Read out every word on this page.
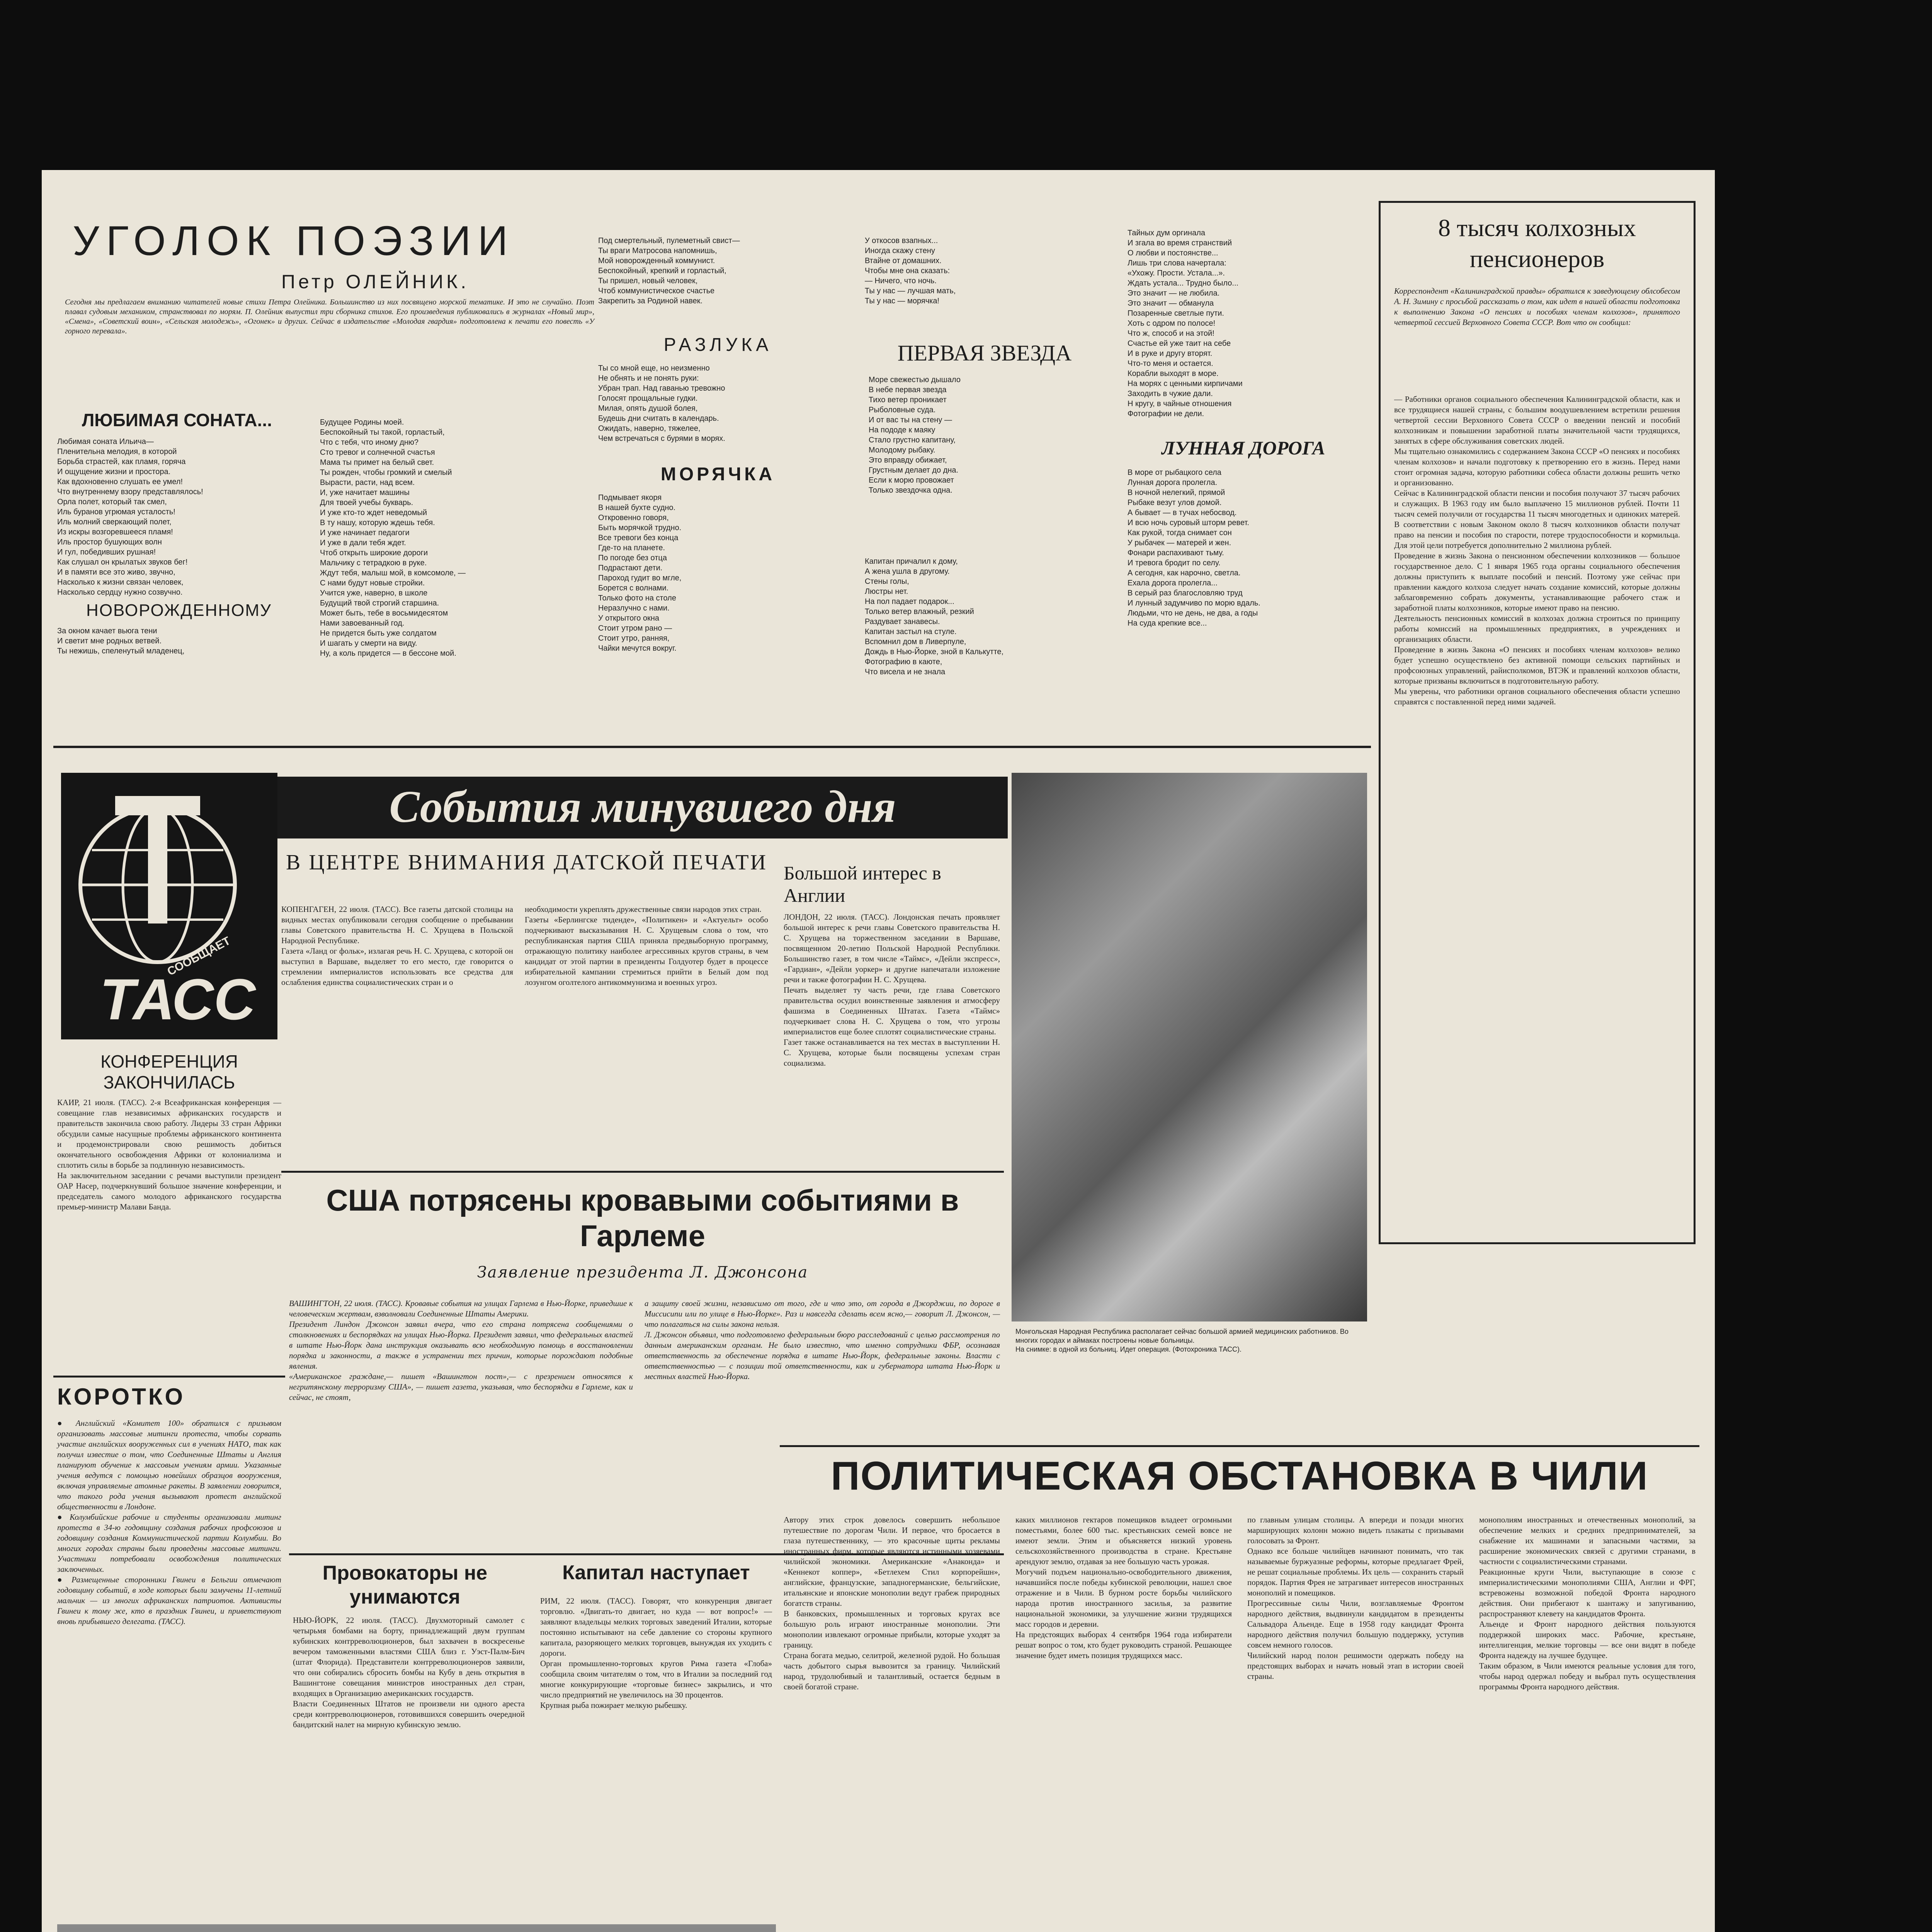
УГОЛОК ПОЭЗИИ
Петр ОЛЕЙНИК.
Сегодня мы предлагаем вниманию читателей новые стихи Петра Олейника. Большинство из них посвящено морской тематике. И это не случайно. Поэт плавал судовым механиком, странствовал по морям. П. Олейник выпустил три сборника стихов. Его произведения публиковались в журналах «Новый мир», «Смена», «Советский воин», «Сельская молодежь», «Огонек» и других. Сейчас в издательстве «Молодая гвардия» подготовлена к печати его повесть «У горного перевала».
ЛЮБИМАЯ СОНАТА...
Любимая соната Ильича—
Пленительна мелодия, в которой
Борьба страстей, как пламя, горяча
И ощущение жизни и простора.
Как вдохновенно слушать ее умел!
Что внутреннему взору представлялось!
Орла полет, который так смел,
Иль буранов угрюмая усталость!
Иль молний сверкающий полет,
Из искры возгоревшееся пламя!
Иль простор бушующих волн
И гул, победивших рушная!
Как слушал он крылатых звуков бег!
И в памяти все это живо, звучно,
Насколько к жизни связан человек,
Насколько сердцу нужно созвучно.
НОВОРОЖДЕННОМУ
За окном качает вьюга тени
И светит мне родных ветвей.
Ты нежишь, спеленутый младенец,
Будущее Родины моей.
Беспокойный ты такой, горластый,
Что с тебя, что иному дню?
Сто тревог и солнечной счастья
Мама ты примет на белый свет.
Ты рожден, чтобы громкий и смелый
Вырасти, расти, над всем.
И, уже начитает машины
Для твоей учебы букварь.
И уже кто-то ждет неведомый
В ту нашу, которую ждешь тебя.
И уже начинает педагоги
И уже в дали тебя ждет.
Чтоб открыть широкие дороги
Мальчику с тетрадкою в руке.
Ждут тебя, малыш мой, в комсомоле, —
С нами будут новые стройки.
Учится уже, наверно, в школе
Будущий твой строгий старшина.
Может быть, тебе в восьмидесятом
Нами завоеванный год.
Не придется быть уже солдатом
И шагать у смерти на виду.
Ну, а коль придется — в бессоне мой.
Под смертельный, пулеметный свист—
Ты враги Матросова напомнишь,
Мой новорожденный коммунист.
Беспокойный, крепкий и горластый,
Ты пришел, новый человек,
Чтоб коммунистическое счастье
Закрепить за Родиной навек.
РАЗЛУКА
Ты со мной еще, но неизменно
Не обнять и не понять руки:
Убран трап. Над гаванью тревожно
Голосят прощальные гудки.
Милая, опять душой болея,
Будешь дни считать в календарь.
Ожидать, наверно, тяжелее,
Чем встречаться с бурями в морях.
МОРЯЧКА
Подмывает якоря
В нашей бухте судно.
Откровенно говоря,
Быть морячкой трудно.
Все тревоги без конца
Где-то на планете.
По погоде без отца
Подрастают дети.
Пароход гудит во мгле,
Борется с волнами.
Только фото на столе
Неразлучно с нами.
У открытого окна
Стоит утром рано —
Стоит утро, ранняя,
Чайки мечутся вокруг.
У откосов взапных...
Иногда скажу стену
Втайне от домашних.
Чтобы мне она сказать:
— Ничего, что ночь.
Ты у нас — лучшая мать,
Ты у нас — морячка!
ПЕРВАЯ ЗВЕЗДА
Море свежестью дышало
В небе первая звезда
Тихо ветер проникает
Рыболовные суда.
И от вас ты на стену —
На пододе к маяку
Стало грустно капитану,
Молодому рыбаку.
Это вправду обижает,
Грустным делает до дна.
Если к морю провожает
Только звездочка одна.
Капитан причалил к дому,
А жена ушла в другому.
Стены голы,
Люстры нет.
На пол падает подарок...
Только ветер влажный, резкий
Раздувает занавесы.
Капитан застыл на стуле.
Вспомнил дом в Ливерпуле,
Дождь в Нью-Йорке, зной в Калькутте,
Фотографию в каюте,
Что висела и не знала
Тайных дум оргинала
И згала во время странствий
О любви и постоянстве...
Лишь три слова начертала:
«Ухожу. Прости. Устала...».
Ждать устала... Трудно было...
Это значит — не любила.
Это значит — обманула
Позаренные светлые пути.
Хоть с одром по полосе!
Что ж, способ и на этой!
Счастье ей уже таит на себе
И в руке и другу вторят.
Что-то меня и остается.
Корабли выходят в море.
На морях с ценными кирпичами
Заходить в чужие дали.
Н кругу, в чайные отношения
Фотографии не дели.
ЛУННАЯ ДОРОГА
В море от рыбацкого села
Лунная дорога пролегла.
В ночной нелегкий, прямой
Рыбаке везут улов домой.
А бывает — в тучах небосвод.
И всю ночь суровый шторм ревет.
Как рукой, тогда снимает сон
У рыбачек — матерей и жен.
Фонари распахивают тьму.
И тревога бродит по селу.
А сегодня, как нарочно, светла.
Ехала дорога пролегла...
В серый раз благословляю труд
И лунный задумчиво по морю вдаль.
Людьми, что не день, не два, а годы
На суда крепкие все...
8 тысяч колхозных пенсионеров
Корреспондент «Калининградской правды» обратился к заведующему облсобесом А. Н. Зимину с просьбой рассказать о том, как идет в нашей области подготовка к выполнению Закона «О пенсиях и пособиях членам колхозов», принятого четвертой сессией Верховного Совета СССР. Вот что он сообщил:
— Работники органов социального обеспечения Калининградской области, как и все трудящиеся нашей страны, с большим воодушевлением встретили решения четвертой сессии Верховного Совета СССР о введении пенсий и пособий колхозникам и повышении заработной платы значительной части трудящихся, занятых в сфере обслуживания советских людей.
Мы тщательно ознакомились с содержанием Закона СССР «О пенсиях и пособиях членам колхозов» и начали подготовку к претворению его в жизнь. Перед нами стоит огромная задача, которую работники собеса области должны решить четко и организованно.
Сейчас в Калининградской области пенсии и пособия получают 37 тысяч рабочих и служащих. В 1963 году им было выплачено 15 миллионов рублей. Почти 11 тысяч семей получили от государства 11 тысяч многодетных и одиноких матерей. В соответствии с новым Законом около 8 тысяч колхозников области получат право на пенсии и пособия по старости, потере трудоспособности и кормильца. Для этой цели потребуется дополнительно 2 миллиона рублей.
Проведение в жизнь Закона о пенсионном обеспечении колхозников — большое государственное дело. С 1 января 1965 года органы социального обеспечения должны приступить к выплате пособий и пенсий. Поэтому уже сейчас при правлении каждого колхоза следует начать создание комиссий, которые должны заблаговременно собрать документы, устанавливающие рабочего стаж и заработной платы колхозников, которые имеют право на пенсию.
Деятельность пенсионных комиссий в колхозах должна строиться по принципу работы комиссий на промышленных предприятиях, в учреждениях и организациях области.
Проведение в жизнь Закона «О пенсиях и пособиях членам колхозов» велико будет успешно осуществлено без активной помощи сельских партийных и профсоюзных управлений, райисполкомов, ВТЭК и правлений колхозов области, которые призваны включиться в подготовительную работу.
Мы уверены, что работники органов социального обеспечения области успешно справятся с поставленной перед ними задачей.
СООБЩАЕТ
ТАСС
КОНФЕРЕНЦИЯ ЗАКОНЧИЛАСЬ
КАИР, 21 июля. (ТАСС). 2-я Всеафриканская конференция — совещание глав независимых африканских государств и правительств закончила свою работу. Лидеры 33 стран Африки обсудили самые насущные проблемы африканского континента и продемонстрировали свою решимость добиться окончательного освобождения Африки от колониализма и сплотить силы в борьбе за подлинную независимость.
На заключительном заседании с речами выступили президент ОАР Насер, подчеркнувший большое значение конференции, и председатель самого молодого африканского государства премьер-министр Малави Банда.
КОРОТКО
● Английский «Комитет 100» обратился с призывом организовать массовые митинги протеста, чтобы сорвать участие английских вооруженных сил в учениях НАТО, так как получил известие о том, что Соединенные Штаты и Англия планируют обучение к массовым учениям армии. Указанные учения ведутся с помощью новейших образцов вооружения, включая управляемые атомные ракеты. В заявлении говорится, что такого рода учения вызывают протест английской общественности в Лондоне.
● Колумбийские рабочие и студенты организовали митинг протеста в 34-ю годовщину создания рабочих профсоюзов и годовщину создания Коммунистической партии Колумбии. Во многих городах страны были проведены массовые митинги. Участники потребовали освобождения политических заключенных.
● Размещенные сторонники Гвинеи в Бельгии отмечают годовщину событий, в ходе которых были замучены 11-летний мальчик — из многих африканских патриотов. Активисты Гвинеи к тому же, кто в праздник Гвинеи, и приветствуют вновь прибывшего делегата. (ТАСС).
События минувшего дня
В ЦЕНТРЕ ВНИМАНИЯ ДАТСКОЙ ПЕЧАТИ
КОПЕНГАГЕН, 22 июля. (ТАСС). Все газеты датской столицы на видных местах опубликовали сегодня сообщение о пребывании главы Советского правительства Н. С. Хрущева в Польской Народной Республике.
Газета «Ланд ог фольк», излагая речь Н. С. Хрущева, с которой он выступил в Варшаве, выделяет то его место, где говорится о стремлении империалистов использовать все средства для ослабления единства социалистических стран и о
необходимости укреплять дружественные связи народов этих стран.
Газеты «Берлингске тиденде», «Политикен» и «Актуельт» особо подчеркивают высказывания Н. С. Хрущевым слова о том, что республиканская партия США приняла предвыборную программу, отражающую политику наиболее агрессивных кругов страны, в чем кандидат от этой партии в президенты Голдуотер будет в процессе избирательной кампании стремиться прийти в Белый дом под лозунгом оголтелого антикоммунизма и военных угроз.
Большой интерес в Англии
ЛОНДОН, 22 июля. (ТАСС). Лондонская печать проявляет большой интерес к речи главы Советского правительства Н. С. Хрущева на торжественном заседании в Варшаве, посвященном 20-летию Польской Народной Республики. Большинство газет, в том числе «Таймс», «Дейли экспресс», «Гардиан», «Дейли уоркер» и другие напечатали изложение речи и также фотографии Н. С. Хрущева.
Печать выделяет ту часть речи, где глава Советского правительства осудил воинственные заявления и атмосферу фашизма в Соединенных Штатах. Газета «Таймс» подчеркивает слова Н. С. Хрущева о том, что угрозы империалистов еще более сплотят социалистические страны.
Газет также останавливается на тех местах в выступлении Н. С. Хрущева, которые были посвящены успехам стран социализма.
Монгольская Народная Республика располагает сейчас большой армией медицинских работников. Во многих городах и аймаках построены новые больницы.
На снимке: в одной из больниц. Идет операция. (Фотохроника ТАСС).
США потрясены кровавыми событиями в Гарлеме
Заявление президента Л. Джонсона
ВАШИНГТОН, 22 июля. (ТАСС). Кровавые события на улицах Гарлема в Нью-Йорке, приведшие к человеческим жертвам, взволновали Соединенные Штаты Америки.
Президент Линдон Джонсон заявил вчера, что его страна потрясена сообщениями о столкновениях и беспорядках на улицах Нью-Йорка. Президент заявил, что федеральных властей в штате Нью-Йорк дана инструкция оказывать всю необходимую помощь в восстановлении порядка и законности, а также в устранении тех причин, которые порождают подобные явления.
«Американское граждане,— пишет «Вашингтон пост»,— с презрением относятся к негритянскому терроризму США», — пишет газета, указывая, что беспорядки в Гарлеме, как и сейчас, не стоят,
а защиту своей жизни, независимо от того, где и что это, от города в Джорджии, по дороге в Миссисипи или по улице в Нью-Йорке». Раз и навсегда сделать всем ясно,— говорит Л. Джонсон, — что полагаться на силы закона нельзя.
Л. Джонсон объявил, что подготовлено федеральным бюро расследований с целью рассмотрения по данным американским органам. Не было известно, что именно сотрудники ФБР, осознавая ответственность за обеспечение порядка в штате Нью-Йорк, федеральные законы. Власти с ответственностью — с позиции той ответственности, как и губернатора штата Нью-Йорк и местных властей Нью-Йорка.
Провокаторы не унимаются
НЬЮ-ЙОРК, 22 июля. (ТАСС). Двухмоторный самолет с четырьмя бомбами на борту, принадлежащий двум группам кубинских контрреволюционеров, был захвачен в воскресенье вечером таможенными властями США близ г. Уэст-Палм-Бич (штат Флорида). Представители контрреволюционеров заявили, что они собирались сбросить бомбы на Кубу в день открытия в Вашингтоне совещания министров иностранных дел стран, входящих в Организацию американских государств.
Власти Соединенных Штатов не произвели ни одного ареста среди контрреволюционеров, готовившихся совершить очередной бандитский налет на мирную кубинскую землю.
Капитал наступает
РИМ, 22 июля. (ТАСС). Говорят, что конкуренция двигает торговлю. «Двигать-то двигает, но куда — вот вопрос!» — заявляют владельцы мелких торговых заведений Италии, которые постоянно испытывают на себе давление со стороны крупного капитала, разоряющего мелких торговцев, вынуждая их уходить с дороги.
Орган промышленно-торговых кругов Рима газета «Глоба» сообщила своим читателям о том, что в Италии за последний год многие конкурирующие «торговые бизнес» закрылись, и что число предприятий не увеличилось на 30 процентов.
Крупная рыба пожирает мелкую рыбешку.
ПОЛИТИЧЕСКАЯ ОБСТАНОВКА В ЧИЛИ
Автору этих строк довелось совершить небольшое путешествие по дорогам Чили. И первое, что бросается в глаза путешественнику, — это красочные щиты рекламы иностранных фирм, которые являются истинными хозяевами чилийской экономики. Американские «Анаконда» и «Кеннекот коппер», «Бетлехем Стил корпорейшн», английские, французские, западногерманские, бельгийские, итальянские и японские монополии ведут грабеж природных богатств страны.
В банковских, промышленных и торговых кругах все большую роль играют иностранные монополии. Эти монополии извлекают огромные прибыли, которые уходят за границу.
Страна богата медью, селитрой, железной рудой. Но большая часть добытого сырья вывозится за границу. Чилийский народ, трудолюбивый и талантливый, остается бедным в своей богатой стране.
каких миллионов гектаров помещиков владеет огромными поместьями, более 600 тыс. крестьянских семей вовсе не имеют земли. Этим и объясняется низкий уровень сельскохозяйственного производства в стране. Крестьяне арендуют землю, отдавая за нее большую часть урожая.
Могучий подъем национально-освободительного движения, начавшийся после победы кубинской революции, нашел свое отражение и в Чили. В бурном росте борьбы чилийского народа против иностранного засилья, за развитие национальной экономики, за улучшение жизни трудящихся масс городов и деревни.
На предстоящих выборах 4 сентября 1964 года избиратели решат вопрос о том, кто будет руководить страной. Решающее значение будет иметь позиция трудящихся масс.
по главным улицам столицы. А впереди и позади многих марширующих колонн можно видеть плакаты с призывами голосовать за Фронт.
Однако все больше чилийцев начинают понимать, что так называемые буржуазные реформы, которые предлагает Фрей, не решат социальные проблемы. Их цель — сохранить старый порядок. Партия Фрея не затрагивает интересов иностранных монополий и помещиков.
Прогрессивные силы Чили, возглавляемые Фронтом народного действия, выдвинули кандидатом в президенты Сальвадора Альенде. Еще в 1958 году кандидат Фронта народного действия получил большую поддержку, уступив совсем немного голосов.
Чилийский народ полон решимости одержать победу на предстоящих выборах и начать новый этап в истории своей страны.
монополиям иностранных и отечественных монополий, за обеспечение мелких и средних предпринимателей, за снабжение их машинами и запасными частями, за расширение экономических связей с другими странами, в частности с социалистическими странами.
Реакционные круги Чили, выступающие в союзе с империалистическими монополиями США, Англии и ФРГ, встревожены возможной победой Фронта народного действия. Они прибегают к шантажу и запугиванию, распространяют клевету на кандидатов Фронта.
Альенде и Фронт народного действия пользуются поддержкой широких масс. Рабочие, крестьяне, интеллигенция, мелкие торговцы — все они видят в победе Фронта надежду на лучшее будущее.
Таким образом, в Чили имеются реальные условия для того, чтобы народ одержал победу и выбрал путь осуществления программы Фронта народного действия.
